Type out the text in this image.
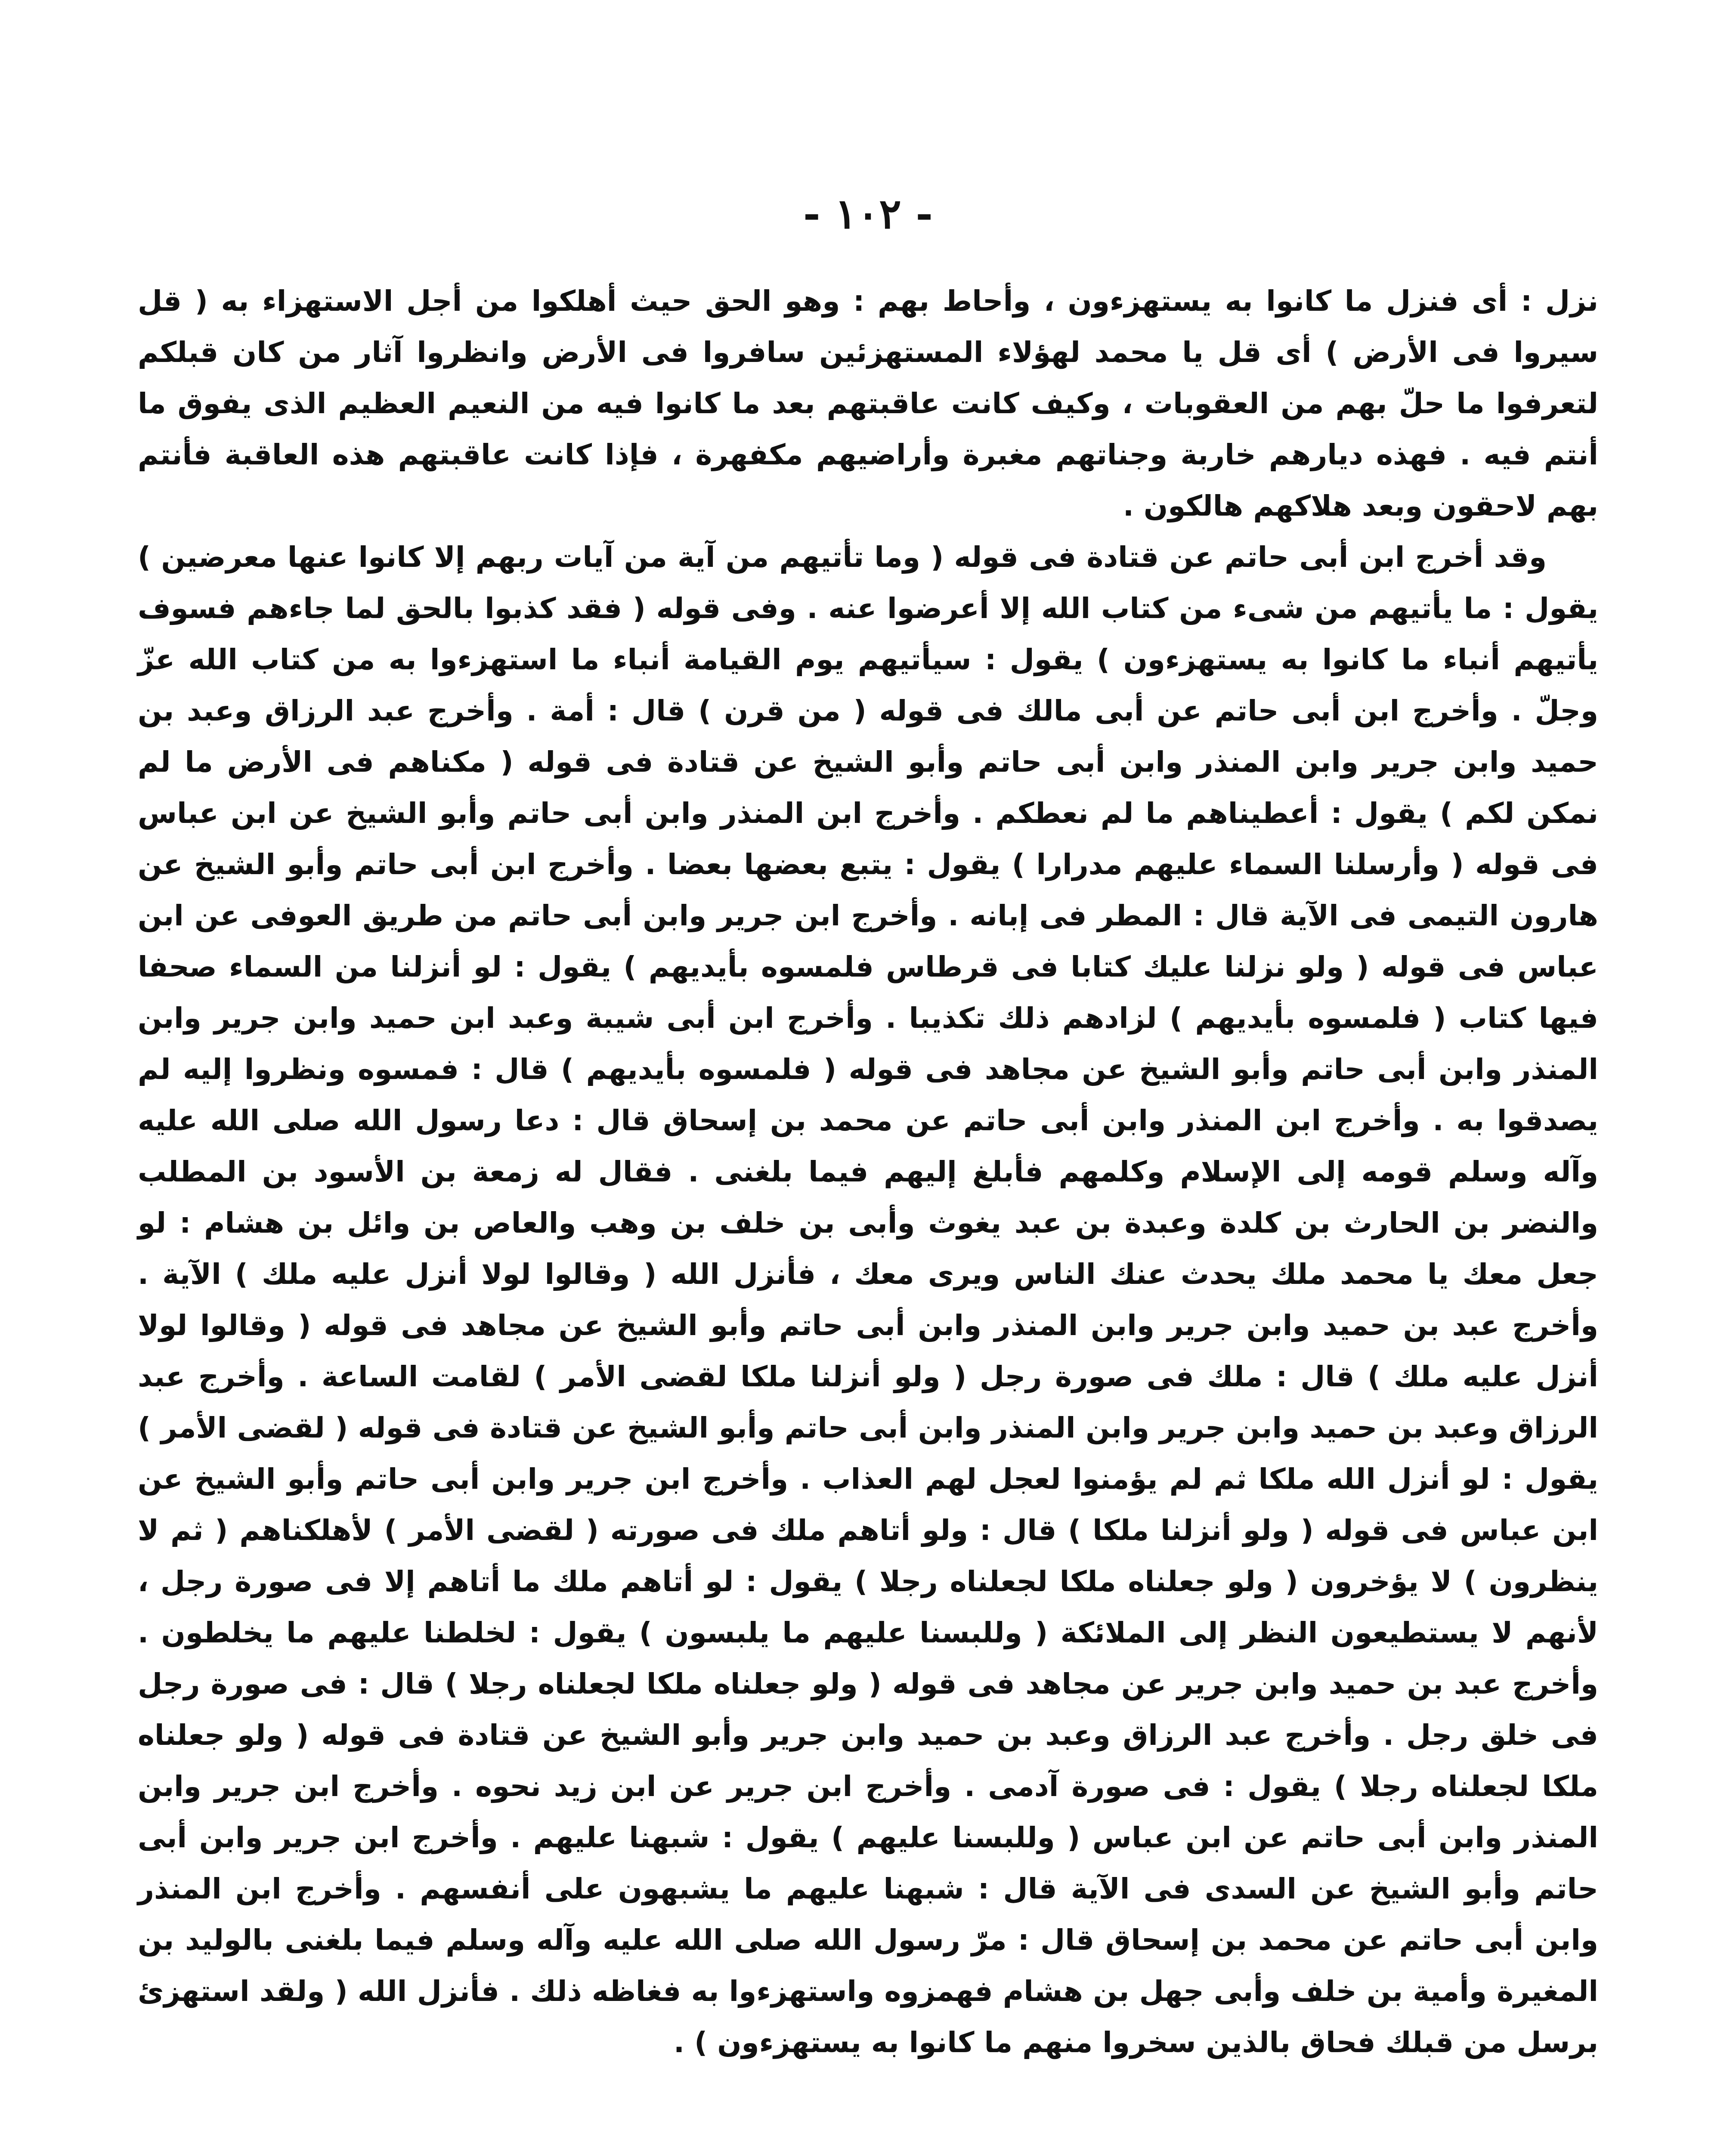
- ١٠٢ -

نزل : أى فنزل ما كانوا به يستهزءون ، وأحاط بهم : وهو الحق حيث أهلكوا من أجل الاستهزاء به ( قل سيروا فى الأرض ) أى قل يا محمد لهؤلاء المستهزئين سافروا فى الأرض وانظروا آثار من كان قبلكم لتعرفوا ما حلّ بهم من العقوبات ، وكيف كانت عاقبتهم بعد ما كانوا فيه من النعيم العظيم الذى يفوق ما أنتم فيه . فهذه ديارهم خاربة وجناتهم مغبرة وأراضيهم مكفهرة ، فإذا كانت عاقبتهم هذه العاقبة فأنتم بهم لاحقون وبعد هلاكهم هالكون .

وقد أخرج ابن أبى حاتم عن قتادة فى قوله ( وما تأتيهم من آية من آيات ربهم إلا كانوا عنها معرضين ) يقول : ما يأتيهم من شىء من كتاب الله إلا أعرضوا عنه . وفى قوله ( فقد كذبوا بالحق لما جاءهم فسوف يأتيهم أنباء ما كانوا به يستهزءون ) يقول : سيأتيهم يوم القيامة أنباء ما استهزءوا به من كتاب الله عزّ وجلّ . وأخرج ابن أبى حاتم عن أبى مالك فى قوله ( من قرن ) قال : أمة . وأخرج عبد الرزاق وعبد بن حميد وابن جرير وابن المنذر وابن أبى حاتم وأبو الشيخ عن قتادة فى قوله ( مكناهم فى الأرض ما لم نمكن لكم ) يقول : أعطيناهم ما لم نعطكم . وأخرج ابن المنذر وابن أبى حاتم وأبو الشيخ عن ابن عباس فى قوله ( وأرسلنا السماء عليهم مدرارا ) يقول : يتبع بعضها بعضا . وأخرج ابن أبى حاتم وأبو الشيخ عن هارون التيمى فى الآية قال : المطر فى إبانه . وأخرج ابن جرير وابن أبى حاتم من طريق العوفى عن ابن عباس فى قوله ( ولو نزلنا عليك كتابا فى قرطاس فلمسوه بأيديهم ) يقول : لو أنزلنا من السماء صحفا فيها كتاب ( فلمسوه بأيديهم ) لزادهم ذلك تكذيبا . وأخرج ابن أبى شيبة وعبد ابن حميد وابن جرير وابن المنذر وابن أبى حاتم وأبو الشيخ عن مجاهد فى قوله ( فلمسوه بأيديهم ) قال : فمسوه ونظروا إليه لم يصدقوا به . وأخرج ابن المنذر وابن أبى حاتم عن محمد بن إسحاق قال : دعا رسول الله صلى الله عليه وآله وسلم قومه إلى الإسلام وكلمهم فأبلغ إليهم فيما بلغنى . فقال له زمعة بن الأسود بن المطلب والنضر بن الحارث بن كلدة وعبدة بن عبد يغوث وأبى بن خلف بن وهب والعاص بن وائل بن هشام : لو جعل معك يا محمد ملك يحدث عنك الناس ويرى معك ، فأنزل الله ( وقالوا لولا أنزل عليه ملك ) الآية . وأخرج عبد بن حميد وابن جرير وابن المنذر وابن أبى حاتم وأبو الشيخ عن مجاهد فى قوله ( وقالوا لولا أنزل عليه ملك ) قال : ملك فى صورة رجل ( ولو أنزلنا ملكا لقضى الأمر ) لقامت الساعة . وأخرج عبد الرزاق وعبد بن حميد وابن جرير وابن المنذر وابن أبى حاتم وأبو الشيخ عن قتادة فى قوله ( لقضى الأمر ) يقول : لو أنزل الله ملكا ثم لم يؤمنوا لعجل لهم العذاب . وأخرج ابن جرير وابن أبى حاتم وأبو الشيخ عن ابن عباس فى قوله ( ولو أنزلنا ملكا ) قال : ولو أتاهم ملك فى صورته ( لقضى الأمر ) لأهلكناهم ( ثم لا ينظرون ) لا يؤخرون ( ولو جعلناه ملكا لجعلناه رجلا ) يقول : لو أتاهم ملك ما أتاهم إلا فى صورة رجل ، لأنهم لا يستطيعون النظر إلى الملائكة ( وللبسنا عليهم ما يلبسون ) يقول : لخلطنا عليهم ما يخلطون . وأخرج عبد بن حميد وابن جرير عن مجاهد فى قوله ( ولو جعلناه ملكا لجعلناه رجلا ) قال : فى صورة رجل فى خلق رجل . وأخرج عبد الرزاق وعبد بن حميد وابن جرير وأبو الشيخ عن قتادة فى قوله ( ولو جعلناه ملكا لجعلناه رجلا ) يقول : فى صورة آدمى . وأخرج ابن جرير عن ابن زيد نحوه . وأخرج ابن جرير وابن المنذر وابن أبى حاتم عن ابن عباس ( وللبسنا عليهم ) يقول : شبهنا عليهم . وأخرج ابن جرير وابن أبى حاتم وأبو الشيخ عن السدى فى الآية قال : شبهنا عليهم ما يشبهون على أنفسهم . وأخرج ابن المنذر وابن أبى حاتم عن محمد بن إسحاق قال : مرّ رسول الله صلى الله عليه وآله وسلم فيما بلغنى بالوليد بن المغيرة وأمية بن خلف وأبى جهل بن هشام فهمزوه واستهزءوا به فغاظه ذلك . فأنزل الله ( ولقد استهزئ برسل من قبلك فحاق بالذين سخروا منهم ما كانوا به يستهزءون ) .
